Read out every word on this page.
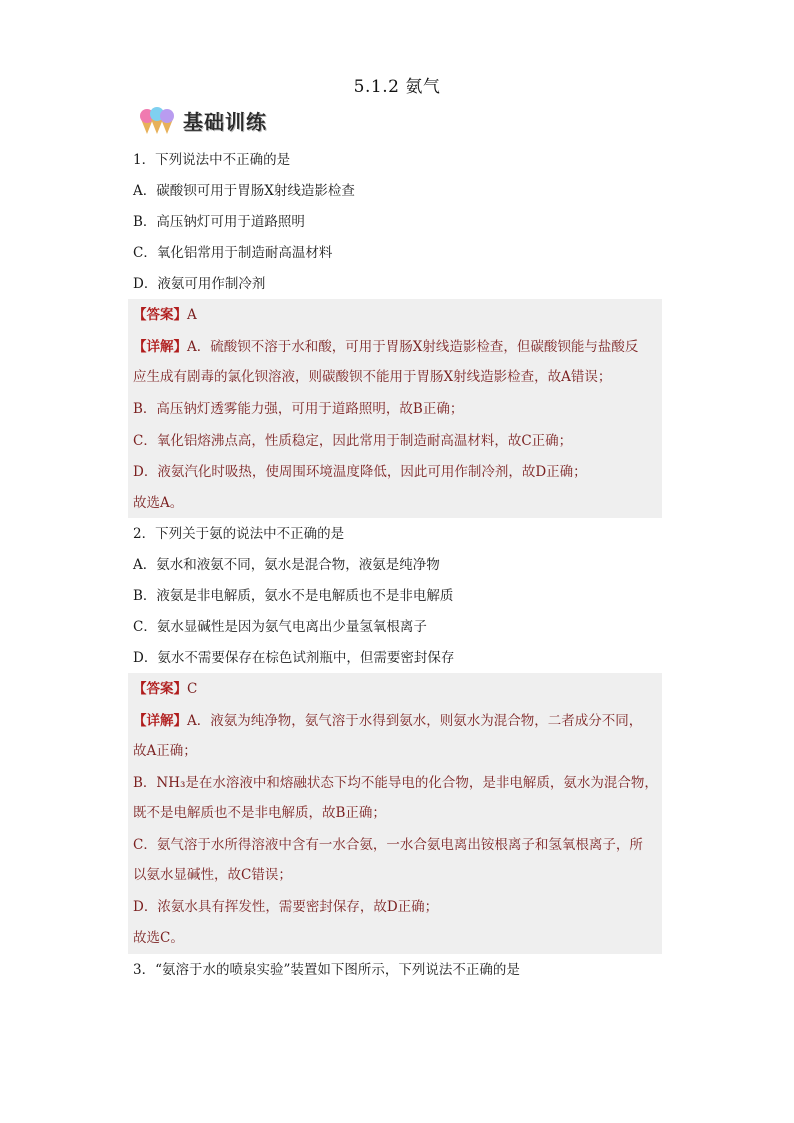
5.1.2 氨气
基础训练
1．下列说法中不正确的是
A．碳酸钡可用于胃肠X射线造影检查
B．高压钠灯可用于道路照明
C．氧化铝常用于制造耐高温材料
D．液氨可用作制冷剂
【答案】A
【详解】A．硫酸钡不溶于水和酸，可用于胃肠X射线造影检查，但碳酸钡能与盐酸反
应生成有剧毒的氯化钡溶液，则碳酸钡不能用于胃肠X射线造影检查，故A错误；
B．高压钠灯透雾能力强，可用于道路照明，故B正确；
C．氧化铝熔沸点高，性质稳定，因此常用于制造耐高温材料，故C正确；
D．液氨汽化时吸热，使周围环境温度降低，因此可用作制冷剂，故D正确；
故选A。
2．下列关于氨的说法中不正确的是
A．氨水和液氨不同，氨水是混合物，液氨是纯净物
B．液氨是非电解质，氨水不是电解质也不是非电解质
C．氨水显碱性是因为氨气电离出少量氢氧根离子
D．氨水不需要保存在棕色试剂瓶中，但需要密封保存
【答案】C
【详解】A．液氨为纯净物，氨气溶于水得到氨水，则氨水为混合物，二者成分不同，
故A正确；
B．NH₃是在水溶液中和熔融状态下均不能导电的化合物，是非电解质，氨水为混合物，
既不是电解质也不是非电解质，故B正确；
C．氨气溶于水所得溶液中含有一水合氨，一水合氨电离出铵根离子和氢氧根离子，所
以氨水显碱性，故C错误；
D．浓氨水具有挥发性，需要密封保存，故D正确；
故选C。
3．“氨溶于水的喷泉实验”装置如下图所示，下列说法不正确的是
